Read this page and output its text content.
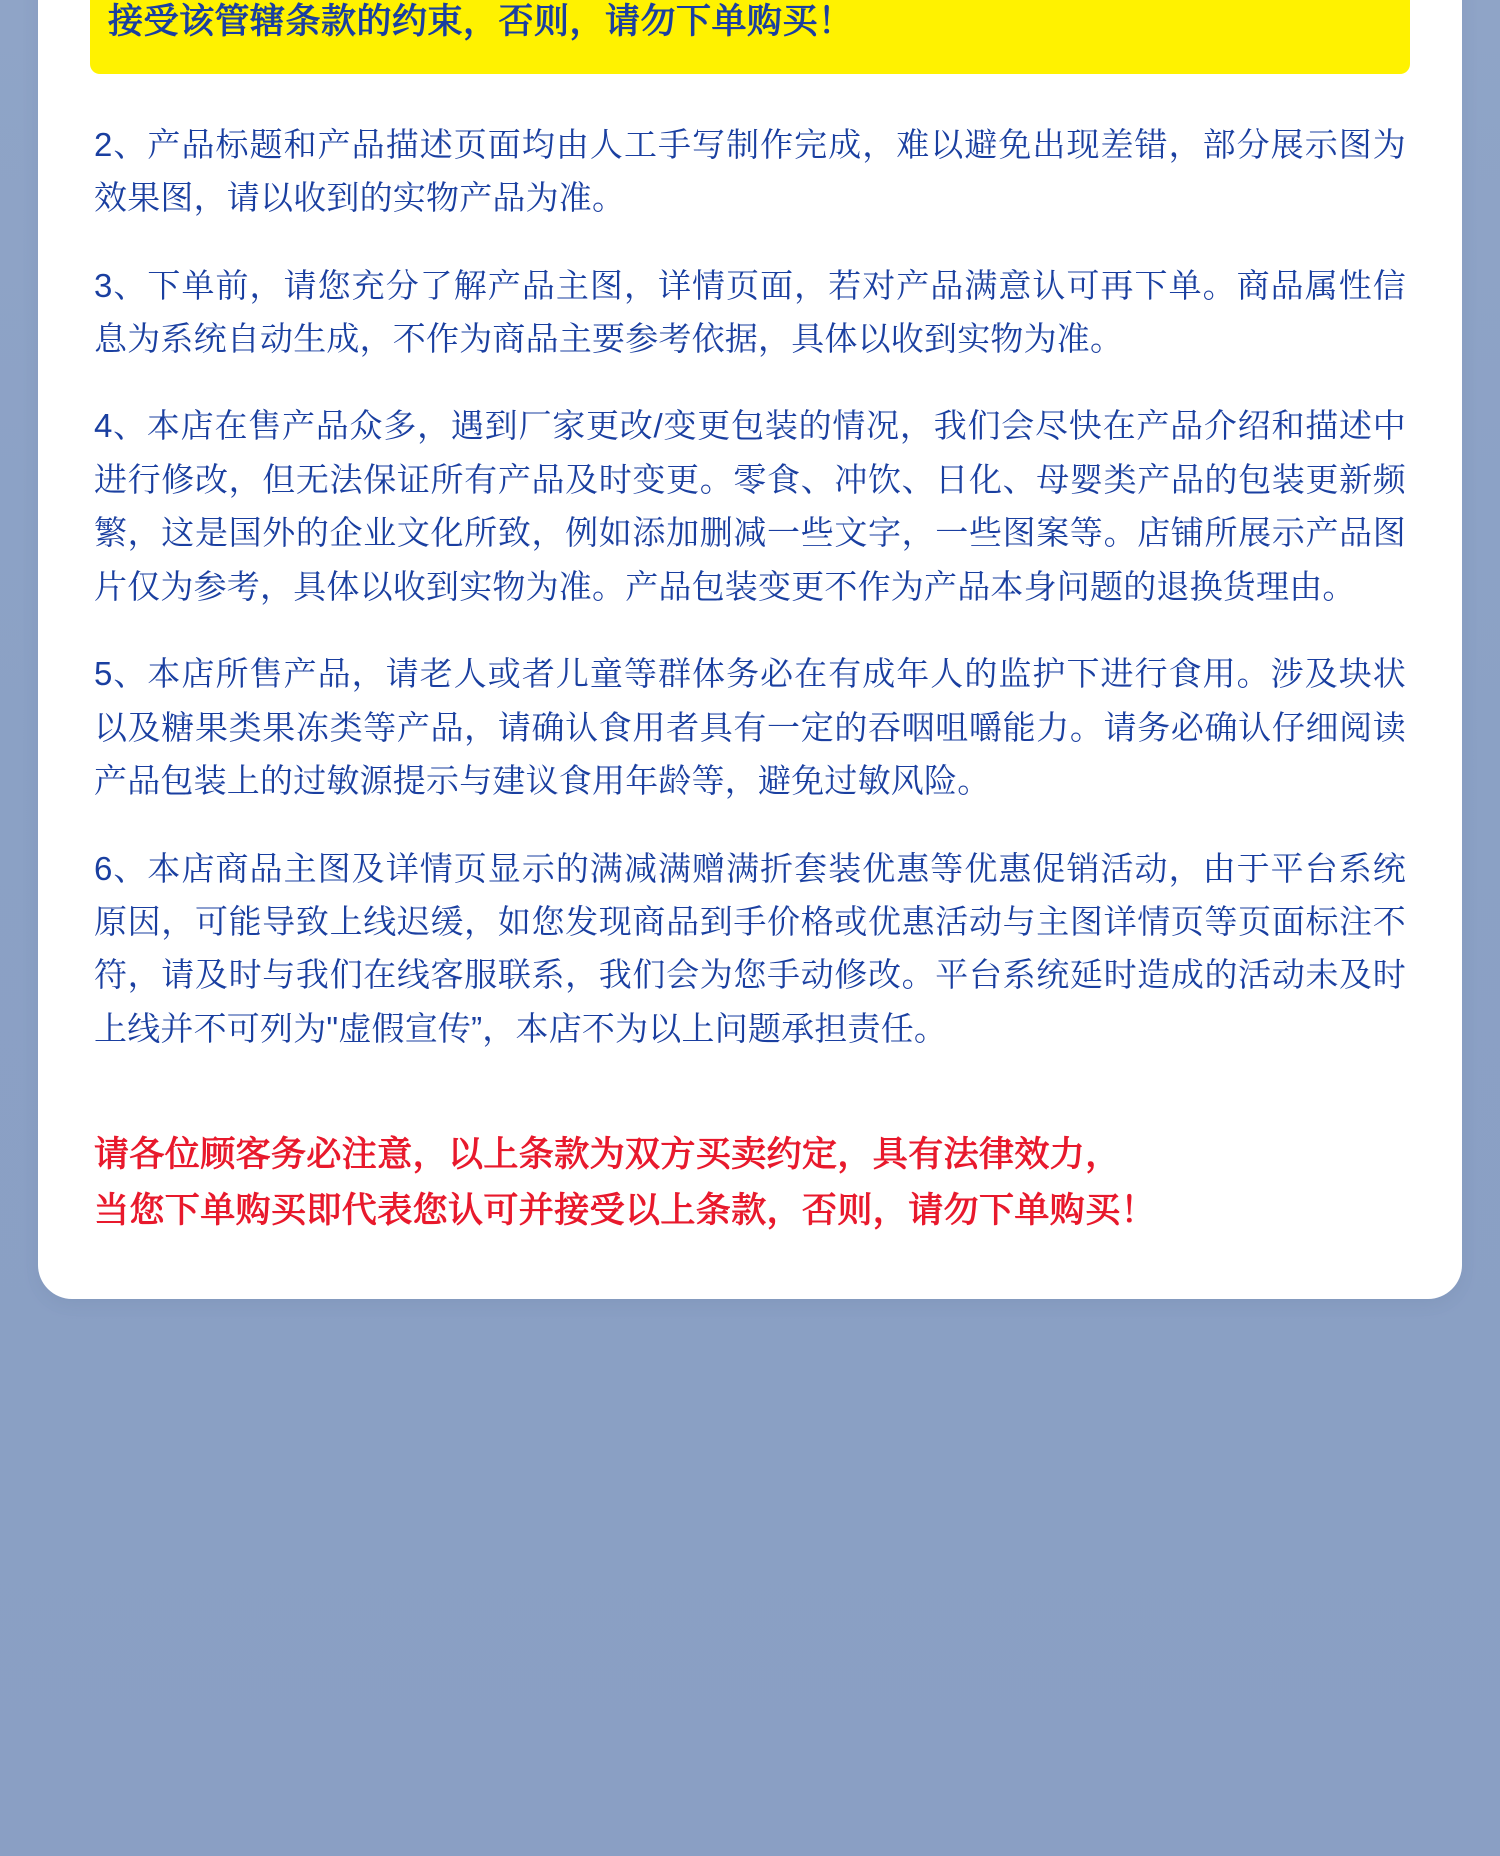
接受该管辖条款的约束，否则，请勿下单购买！

2、产品标题和产品描述页面均由人工手写制作完成，难以避免出现差错，部分展示图为效果图，请以收到的实物产品为准。

3、下单前，请您充分了解产品主图，详情页面，若对产品满意认可再下单。商品属性信息为系统自动生成，不作为商品主要参考依据，具体以收到实物为准。

4、本店在售产品众多，遇到厂家更改/变更包装的情况，我们会尽快在产品介绍和描述中进行修改，但无法保证所有产品及时变更。零食、冲饮、日化、母婴类产品的包装更新频繁，这是国外的企业文化所致，例如添加删减一些文字，一些图案等。店铺所展示产品图片仅为参考，具体以收到实物为准。产品包装变更不作为产品本身问题的退换货理由。

5、本店所售产品，请老人或者儿童等群体务必在有成年人的监护下进行食用。涉及块状以及糖果类果冻类等产品，请确认食用者具有一定的吞咽咀嚼能力。请务必确认仔细阅读产品包装上的过敏源提示与建议食用年龄等，避免过敏风险。

6、本店商品主图及详情页显示的满减满赠满折套装优惠等优惠促销活动，由于平台系统原因，可能导致上线迟缓，如您发现商品到手价格或优惠活动与主图详情页等页面标注不符，请及时与我们在线客服联系，我们会为您手动修改。平台系统延时造成的活动未及时上线并不可列为"虚假宣传”，本店不为以上问题承担责任。

请各位顾客务必注意，以上条款为双方买卖约定，具有法律效力，

当您下单购买即代表您认可并接受以上条款，否则，请勿下单购买！
